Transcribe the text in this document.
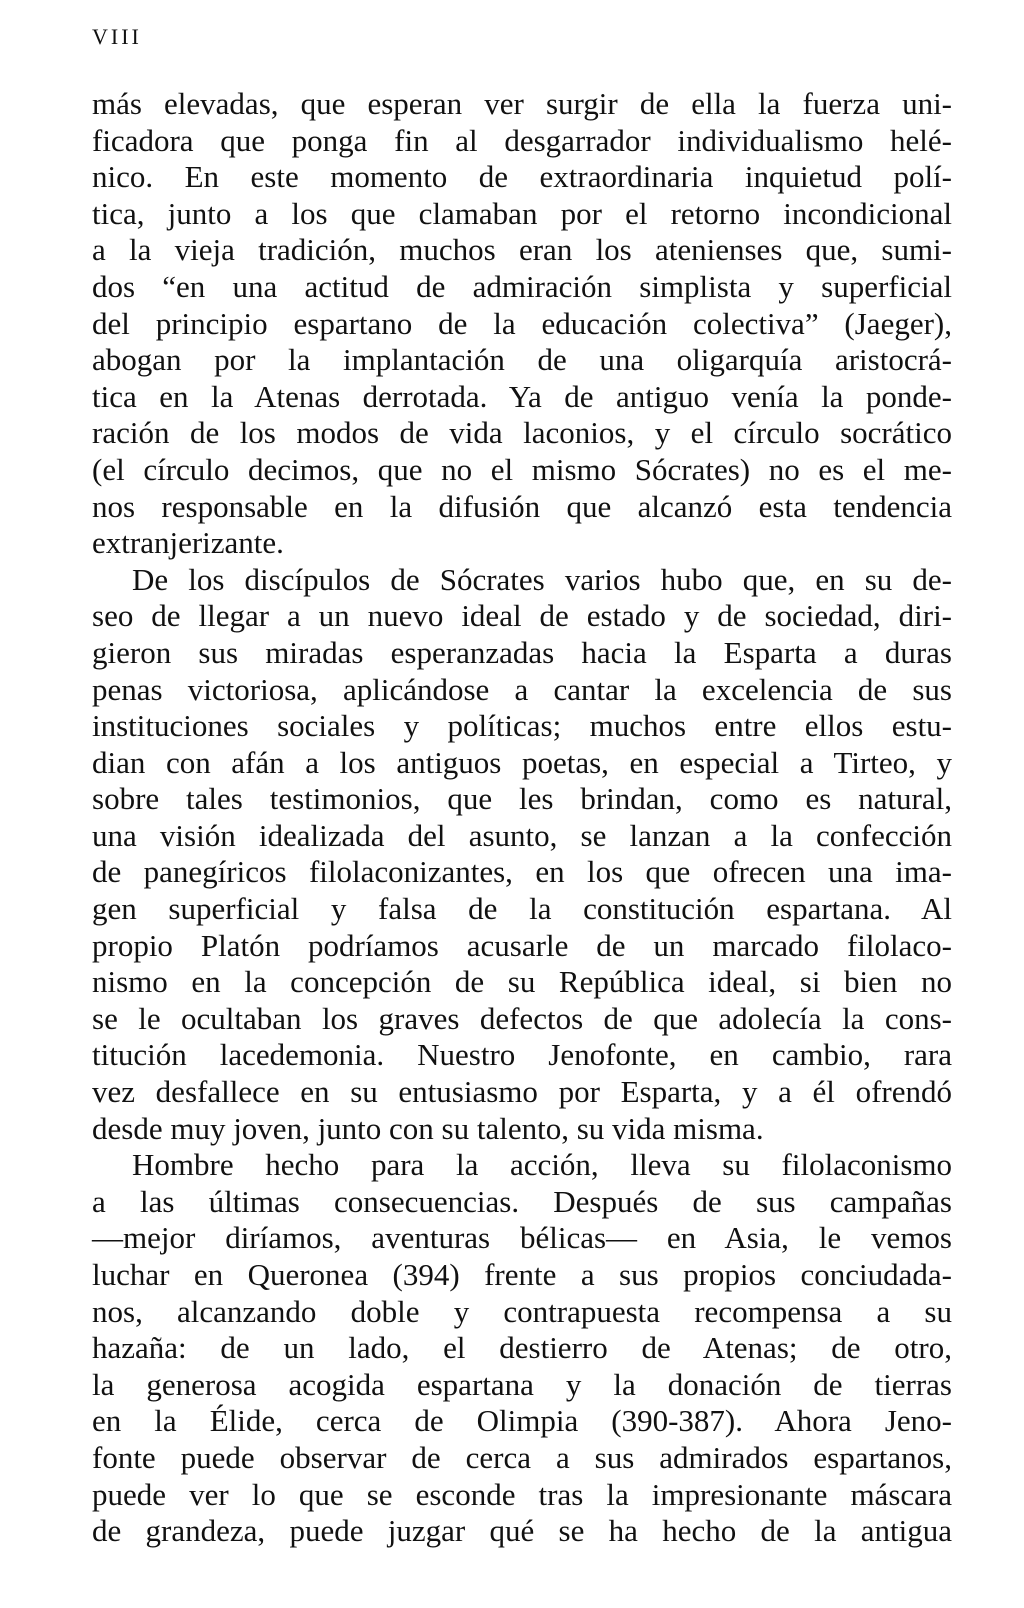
VIII
más elevadas, que esperan ver surgir de ella la fuerza uni-
ficadora que ponga fin al desgarrador individualismo helé-
nico. En este momento de extraordinaria inquietud polí-
tica, junto a los que clamaban por el retorno incondicional
a la vieja tradición, muchos eran los atenienses que, sumi-
dos “en una actitud de admiración simplista y superficial
del principio espartano de la educación colectiva” (Jaeger),
abogan por la implantación de una oligarquía aristocrá-
tica en la Atenas derrotada. Ya de antiguo venía la ponde-
ración de los modos de vida laconios, y el círculo socrático
(el círculo decimos, que no el mismo Sócrates) no es el me-
nos responsable en la difusión que alcanzó esta tendencia
extranjerizante.
De los discípulos de Sócrates varios hubo que, en su de-
seo de llegar a un nuevo ideal de estado y de sociedad, diri-
gieron sus miradas esperanzadas hacia la Esparta a duras
penas victoriosa, aplicándose a cantar la excelencia de sus
instituciones sociales y políticas; muchos entre ellos estu-
dian con afán a los antiguos poetas, en especial a Tirteo, y
sobre tales testimonios, que les brindan, como es natural,
una visión idealizada del asunto, se lanzan a la confección
de panegíricos filolaconizantes, en los que ofrecen una ima-
gen superficial y falsa de la constitución espartana. Al
propio Platón podríamos acusarle de un marcado filolaco-
nismo en la concepción de su República ideal, si bien no
se le ocultaban los graves defectos de que adolecía la cons-
titución lacedemonia. Nuestro Jenofonte, en cambio, rara
vez desfallece en su entusiasmo por Esparta, y a él ofrendó
desde muy joven, junto con su talento, su vida misma.
Hombre hecho para la acción, lleva su filolaconismo
a las últimas consecuencias. Después de sus campañas
—mejor diríamos, aventuras bélicas— en Asia, le vemos
luchar en Queronea (394) frente a sus propios conciudada-
nos, alcanzando doble y contrapuesta recompensa a su
hazaña: de un lado, el destierro de Atenas; de otro,
la generosa acogida espartana y la donación de tierras
en la Élide, cerca de Olimpia (390-387). Ahora Jeno-
fonte puede observar de cerca a sus admirados espartanos,
puede ver lo que se esconde tras la impresionante máscara
de grandeza, puede juzgar qué se ha hecho de la antigua
